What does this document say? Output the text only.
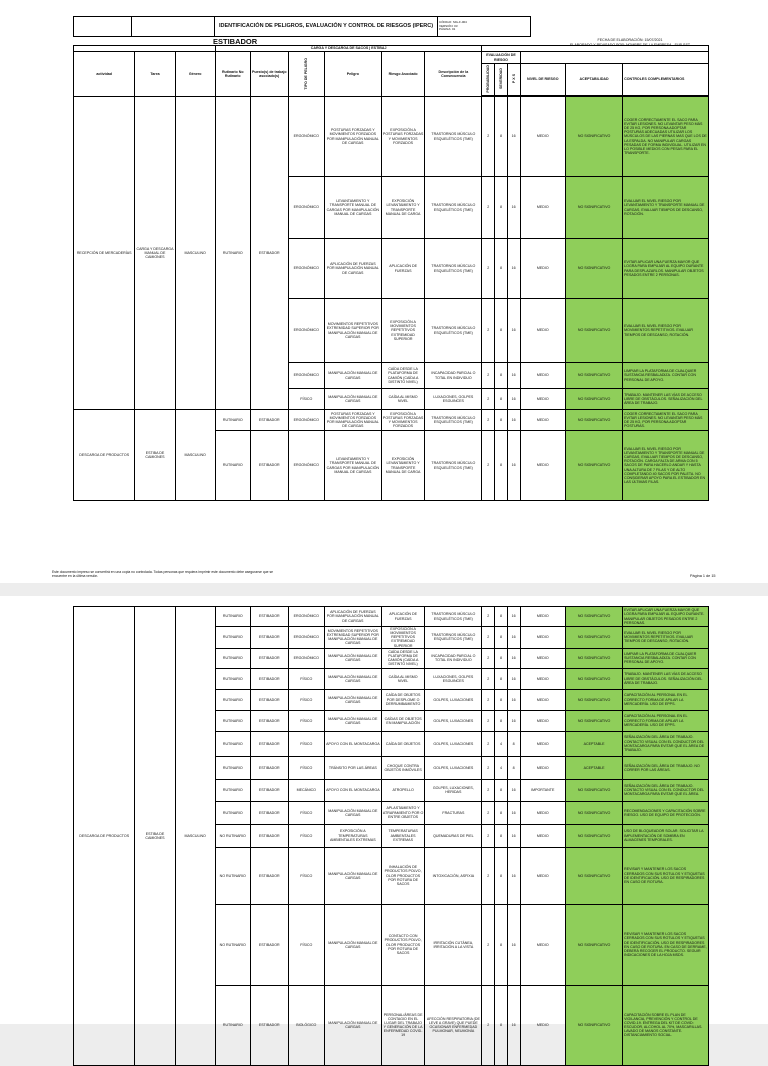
		IDENTIFICACIÓN DE PELIGROS, EVALUACIÓN Y CONTROL DE RIESGOS (IPERC)	
CÓDIGO: SIG-F-004
VERSIÓN: 03
PÁGINA: 01
ESTIBADOR	FECHA DE ELABORACIÓN: 15/07/2021
ELABORADO Y REVISADO POR: NOMBRE DE LA EMPRESA - SUP-SST
			CARGA Y DESCARGA DE SACOS | ESTIBAJ											
actividad	Tarea	Género	Rutinario No Rutinario	Puesto(s) de trabajo asociado(s)	TIPO DE PELIGRO	Peligro	Riesgo Asociado	Descripción de la Consecuencia	EVALUACIÓN DE RIESGO					
									PROBABILIDAD	SEVERIDAD	P X S	NIVEL DE RIESGO	ACEPTABILIDAD	CONTROLES COMPLEMENTARIOS

RECEPCIÓN DE MERCADERÍAS	CARGA Y DESCARGA MANUAL DE CAMIONES	MASCULINO	RUTINARIO	ESTIBADOR	ERGONÓMICO	POSTURAS FORZADAS Y MOVIMIENTOS FORZADOS POR MANIPULACIÓN MANUAL DE CARGAS	EXPOSICIÓN A POSTURAS FORZADAS Y MOVIMIENTOS FORZADOS	TRASTORNOS MÚSCULO ESQUELÉTICOS (TME)	2	8	16	MEDIO	NO SIGNIFICATIVO	COGER CORRECTAMENTE EL SACO PARA EVITAR LESIONES. NO LEVANTAR PESO MÁS DE 25 KG, POR PERSONA ADOPTAR POSTURAS ADECUADAS UTILIZAR LOS MÚSCULOS DE LAS PIERNAS MAS QUE LOS DE LA ESPALDA. NO MANIPULAR CARGAS PESADAS DE FORMA INDIVIDUAL. UTILIZAR EN LO POSIBLE MEDIOS CON PESAS PARA EL TRANSPORTE.
					ERGONÓMICO	LEVANTAMIENTO Y TRANSPORTE MANUAL DE CARGAS POR MANIPULACIÓN MANUAL DE CARGAS	EXPOSICIÓN LEVANTAMIENTO Y TRANSPORTE MANUAL DE CARGA	TRASTORNOS MÚSCULO ESQUELÉTICOS (TME)	2	8	16	MEDIO	NO SIGNIFICATIVO	EVALUAR EL NIVEL RIESGO POR LEVANTAMIENTO Y TRANSPORTE MANUAL DE CARGAS. EVALUAR TIEMPOS DE DESCANSO, ROTACIÓN.
					ERGONÓMICO	APLICACIÓN DE FUERZAS POR MANIPULACIÓN MANUAL DE CARGAS	APLICACIÓN DE FUERZAS	TRASTORNOS MÚSCULO ESQUELÉTICOS (TME)	2	8	16	MEDIO	NO SIGNIFICATIVO	EVITAR APLICAR UNA FUERZA MAYOR QUE LOGRA PARA EMPUJAR AL EQUIPO DURANTE PARA DESPLAZARLOS. MANIPULAR OBJETOS PESADOS ENTRE 2 PERSONAS.
					ERGONÓMICO	MOVIMIENTOS REPETITIVOS EXTREMIDAD SUPERIOR POR MANIPULACIÓN MANUAL DE CARGAS	EXPOSICIÓN A MOVIMIENTOS REPETITIVOS EXTREMIDAD SUPERIOR	TRASTORNOS MÚSCULO ESQUELÉTICOS (TME)	2	8	16	MEDIO	NO SIGNIFICATIVO	EVALUAR EL NIVEL RIESGO POR MOVIMIENTOS REPETITIVOS. EVALUAR TIEMPOS DE DESCANSO, ROTACIÓN.
					ERGONÓMICO	MANIPULACIÓN MANUAL DE CARGAS	CAÍDA DESDE LA PLATAFORMA DE CAMIÓN (CAÍDA A DISTINTO NIVEL)	INCAPACIDAD PARCIAL O TOTAL EN INDIVIDUO	2	8	16	MEDIO	NO SIGNIFICATIVO	LIMPIAR LA PLATAFORMA DE CUALQUIER SUSTANCIA RESBALADIZA. CONTAR CON PERSONAL DE APOYO.
					FÍSICO	MANIPULACIÓN MANUAL DE CARGAS	CAÍDA AL MISMO NIVEL	LUXACIONES, GOLPES ESGUINCES	2	8	16	MEDIO	NO SIGNIFICATIVO	TRABAJO. MANTENER LAS VÍAS DE ACCESO LIBRE DE OBSTÁCULOS. SEÑALIZACIÓN DEL ÁREA DE TRABAJO.
DESCARGA DE PRODUCTOS	ESTIBA DE CAMIONES	MASCULINO	RUTINARIO	ESTIBADOR	ERGONÓMICO	POSTURAS FORZADAS Y MOVIMIENTOS FORZADOS POR MANIPULACIÓN MANUAL DE CARGAS	EXPOSICIÓN A POSTURAS FORZADAS Y MOVIMIENTOS FORZADOS	TRASTORNOS MÚSCULO ESQUELÉTICOS (TME)	2	8	16	MEDIO	NO SIGNIFICATIVO	COGER CORRECTAMENTE EL SACO PARA EVITAR LESIONES. NO LEVANTAR PESO MÁS DE 25 KG, POR PERSONA ADOPTAR POSTURAS.
			RUTINARIO	ESTIBADOR	ERGONÓMICO	LEVANTAMIENTO Y TRANSPORTE MANUAL DE CARGAS POR MANIPULACIÓN MANUAL DE CARGAS	EXPOSICIÓN LEVANTAMIENTO Y TRANSPORTE MANUAL DE CARGA	TRASTORNOS MÚSCULO ESQUELÉTICOS (TME)	2	8	16	MEDIO	NO SIGNIFICATIVO	EVALUAR EL NIVEL RIESGO POR LEVANTAMIENTO Y TRANSPORTE MANUAL DE CARGAS. EVALUAR TIEMPOS DE DESCANSO, ROTACIÓN. CARGA FALTA DE ARMA CON 5 SACOS DE PARA HACERLO ANDAR Y HASTA UNA ALTURA DE 7 FILAS Y DE ALTO COMPLETANDO 40 SACOS POR PALETA. NO CONSIDERAR APOYO PARA EL ESTIBADOR EN LAS ÚLTIMAS FILAS.
Este documento impreso se convertirá en una copia no controlada. Todas personas que requiera imprimir este documento debe asegurarse que se encuentre en la última versión.	Página 1 de 15
DESCARGA DE PRODUCTOS	ESTIBA DE CAMIONES	MASCULINO	RUTINARIO	ESTIBADOR	ERGONÓMICO	APLICACIÓN DE FUERZAS POR MANIPULACIÓN MANUAL DE CARGAS	APLICACIÓN DE FUERZAS	TRASTORNOS MÚSCULO ESQUELÉTICOS (TME)	2	8	16	MEDIO	NO SIGNIFICATIVO	EVITAR APLICAR UNA FUERZA MAYOR QUE LOGRA PARA EMPUJAR AL EQUIPO DURANTE. MANIPULAR OBJETOS PESADOS ENTRE 2 PERSONAS.
			RUTINARIO	ESTIBADOR	ERGONÓMICO	MOVIMIENTOS REPETITIVOS EXTREMIDAD SUPERIOR POR MANIPULACIÓN MANUAL DE CARGAS	EXPOSICIÓN A MOVIMIENTOS REPETITIVOS EXTREMIDAD SUPERIOR	TRASTORNOS MÚSCULO ESQUELÉTICOS (TME)	2	8	16	MEDIO	NO SIGNIFICATIVO	EVALUAR EL NIVEL RIESGO POR MOVIMIENTOS REPETITIVOS. EVALUAR TIEMPOS DE DESCANSO, ROTACIÓN.
			RUTINARIO	ESTIBADOR	ERGONÓMICO	MANIPULACIÓN MANUAL DE CARGAS	CAÍDA DESDE LA PLATAFORMA DE CAMIÓN (CAÍDA A DISTINTO NIVEL)	INCAPACIDAD PARCIAL O TOTAL EN INDIVIDUO	2	8	16	MEDIO	NO SIGNIFICATIVO	LIMPIAR LA PLATAFORMA DE CUALQUIER SUSTANCIA RESBALADIZA. CONTAR CON PERSONAL DE APOYO.
			RUTINARIO	ESTIBADOR	FÍSICO	MANIPULACIÓN MANUAL DE CARGAS	CAÍDA AL MISMO NIVEL	LUXACIONES, GOLPES ESGUINCES	2	8	16	MEDIO	NO SIGNIFICATIVO	TRABAJO. MANTENER LAS VÍAS DE ACCESO LIBRE DE OBSTÁCULOS. SEÑALIZACIÓN DEL ÁREA DE TRABAJO.
			RUTINARIO	ESTIBADOR	FÍSICO	MANIPULACIÓN MANUAL DE CARGAS	CAÍDA DE OBJETOS POR DESPLOME O DERRUMBAMIENTO	GOLPES, LUXACIONES	2	8	16	MEDIO	NO SIGNIFICATIVO	CAPACITACIÓN AL PERSONAL EN EL CORRECTO FORMA DE APILAR LA MERCADERÍA. USO DE EPPS.
			RUTINARIO	ESTIBADOR	FÍSICO	MANIPULACIÓN MANUAL DE CARGAS	CAÍDAS DE OBJETOS EN MANIPULACIÓN	GOLPES, LUXACIONES	2	8	16	MEDIO	NO SIGNIFICATIVO	CAPACITACIÓN AL PERSONAL EN EL CORRECTO FORMA DE APILAR LA MERCADERÍA. USO DE EPPS.
			RUTINARIO	ESTIBADOR	FÍSICO	APOYO CON EL MONTACARGA	CAÍDA DE OBJETOS	GOLPES, LUXACIONES	2	4	8	MEDIO	ACEPTABLE	SEÑALIZACIÓN DEL ÁREA DE TRABAJO. CONTACTO VISUAL CON EL CONDUCTOR DEL MONTACARGA PARA EVITAR QUE EL ÁREA DE TRABAJO.
			RUTINARIO	ESTIBADOR	FÍSICO	TRÁNSITO POR LAS ÁREAS	CHOQUE CONTRA OBJETOS INMÓVILES	GOLPES, LUXACIONES	2	4	8	MEDIO	ACEPTABLE	SEÑALIZACIÓN DEL ÁREA DE TRABAJO. NO CORRER POR LAS ÁREAS.
			RUTINARIO	ESTIBADOR	MECÁNICO	APOYO CON EL MONTACARGA	ATROPELLO	GOLPES, LUXACIONES, HERIDAS	2	8	16	IMPORTANTE	NO SIGNIFICATIVO	SEÑALIZACIÓN DEL ÁREA DE TRABAJO. CONTACTO VISUAL CON EL CONDUCTOR DEL MONTACARGA PARA EVITAR QUE EL ÁREA.
			RUTINARIO	ESTIBADOR	FÍSICO	MANIPULACIÓN MANUAL DE CARGAS	APLASTAMIENTO Y ATRAPAMIENTO POR O ENTRE OBJETOS	FRACTURAS	2	8	16	MEDIO	NO SIGNIFICATIVO	RECOMENDACIONES Y CAPACITACIÓN SOBRE RIESGO. USO DE EQUIPO DE PROTECCIÓN.
			NO RUTINARIO	ESTIBADOR	FÍSICO	EXPOSICIÓN A TEMPERATURAS AMBIENTALES EXTREMAS	TEMPERATURAS AMBIENTALES EXTREMAS	QUEMADURAS DE PIEL	2	8	16	MEDIO	NO SIGNIFICATIVO	USO DE BLOQUEADOR SOLAR. SOLICITAR LA IMPLEMENTACIÓN DE SOMBRA EN ALMACENES TEMPORALES.
			NO RUTINARIO	ESTIBADOR	FÍSICO	MANIPULACIÓN MANUAL DE CARGAS	INHALACIÓN DE PRODUCTOS POLVO, OLOR PRODUCTOS POR ROTURA DE SACOS	INTOXICACIÓN, ASFIXIA	2	8	16	MEDIO	NO SIGNIFICATIVO	REVISAR Y MANTENER LOS SACOS CERRADOS CON SUS ROTULOS Y ETIQUETAS DE IDENTIFICACIÓN. USO DE RESPIRADORES EN CASO DE ROTURA.
			NO RUTINARIO	ESTIBADOR	FÍSICO	MANIPULACIÓN MANUAL DE CARGAS	CONTACTO CON PRODUCTOS POLVO, OLOR PRODUCTOS POR ROTURA DE SACOS	IRRITACIÓN CUTÁNEA, IRRITACIÓN A LA VISTA	2	8	16	MEDIO	NO SIGNIFICATIVO	REVISAR Y MANTENER LOS SACOS CERRADOS CON SUS ROTULOS Y ETIQUETAS DE IDENTIFICACIÓN. USO DE RESPIRADORES EN CASO DE ROTURA. EN CASO DE DERRAME, DEBERÁ RECOGER EL PRODUCTO. SEGUIR INDICACIONES DE LA HOJA MSDS.
			RUTINARIO	ESTIBADOR	BIOLÓGICO	MANIPULACIÓN MANUAL DE CARGAS	PERSONAL/ÁREAS DE CONTAGIO EN EL LUGAR DEL TRABAJO Y GENERACIÓN DE LA ENFERMEDAD COVID-19	AFECCIÓN RESPIRATORIA (DE LEVE A GRAVE) QUE PUEDE OCASIONAR ENFERMEDAD PULMONAR, NEUMONÍA	2	8	16	MEDIO	NO SIGNIFICATIVO	CAPACITACIÓN SOBRE EL PLAN DE VIGILANCIA, PREVENCIÓN Y CONTROL DE COVID-19. ENTREGA DEL KIT DE COVID: ESCUDOR, ALCOHOL AL 70%, MASCARILLAS. LAVADO DE MANOS CONSTANTE. DISTANCIAMIENTO SOCIAL.
